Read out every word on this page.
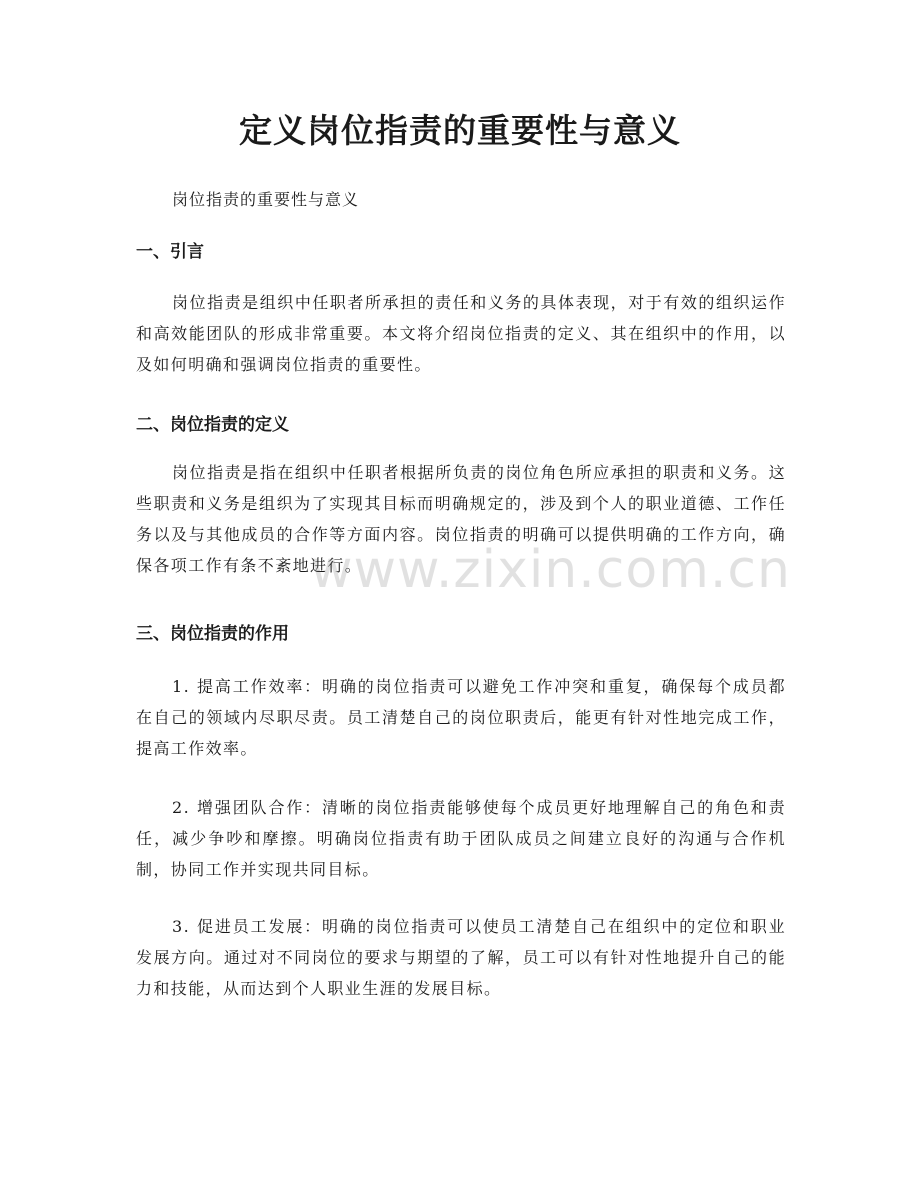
定义岗位指责的重要性与意义

岗位指责的重要性与意义

一、引言

岗位指责是组织中任职者所承担的责任和义务的具体表现，对于有效的组织运作和高效能团队的形成非常重要。本文将介绍岗位指责的定义、其在组织中的作用，以及如何明确和强调岗位指责的重要性。

二、岗位指责的定义

岗位指责是指在组织中任职者根据所负责的岗位角色所应承担的职责和义务。这些职责和义务是组织为了实现其目标而明确规定的，涉及到个人的职业道德、工作任务以及与其他成员的合作等方面内容。岗位指责的明确可以提供明确的工作方向，确保各项工作有条不紊地进行。

三、岗位指责的作用

1. 提高工作效率：明确的岗位指责可以避免工作冲突和重复，确保每个成员都在自己的领域内尽职尽责。员工清楚自己的岗位职责后，能更有针对性地完成工作，提高工作效率。

2. 增强团队合作：清晰的岗位指责能够使每个成员更好地理解自己的角色和责任，减少争吵和摩擦。明确岗位指责有助于团队成员之间建立良好的沟通与合作机制，协同工作并实现共同目标。

3. 促进员工发展：明确的岗位指责可以使员工清楚自己在组织中的定位和职业发展方向。通过对不同岗位的要求与期望的了解，员工可以有针对性地提升自己的能力和技能，从而达到个人职业生涯的发展目标。

www.zixin.com.cn
